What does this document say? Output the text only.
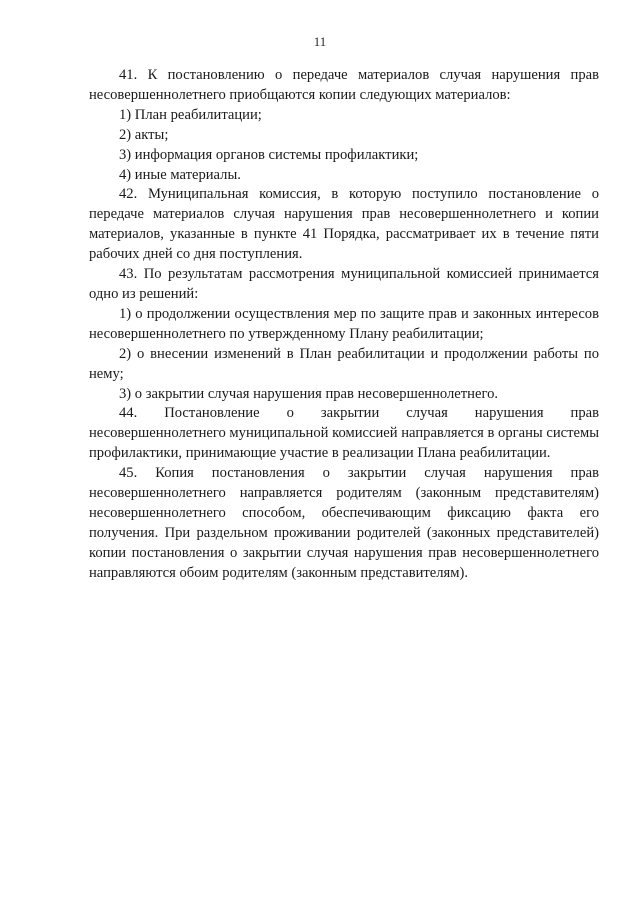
11

41. К постановлению о передаче материалов случая нарушения прав несовершеннолетнего приобщаются копии следующих материалов:

1) План реабилитации;

2) акты;

3) информация органов системы профилактики;

4) иные материалы.

42. Муниципальная комиссия, в которую поступило постановление о передаче материалов случая нарушения прав несовершеннолетнего и копии материалов, указанные в пункте 41 Порядка, рассматривает их в течение пяти рабочих дней со дня поступления.

43. По результатам рассмотрения муниципальной комиссией принимается одно из решений:

1) о продолжении осуществления мер по защите прав и законных интересов несовершеннолетнего по утвержденному Плану реабилитации;

2) о внесении изменений в План реабилитации и продолжении работы по нему;

3) о закрытии случая нарушения прав несовершеннолетнего.

44. Постановление о закрытии случая нарушения прав несовершеннолетнего муниципальной комиссией направляется в органы системы профилактики, принимающие участие в реализации Плана реабилитации.

45. Копия постановления о закрытии случая нарушения прав несовершеннолетнего направляется родителям (законным представителям) несовершеннолетнего способом, обеспечивающим фиксацию факта его получения. При раздельном проживании родителей (законных представителей) копии постановления о закрытии случая нарушения прав несовершеннолетнего направляются обоим родителям (законным представителям).
